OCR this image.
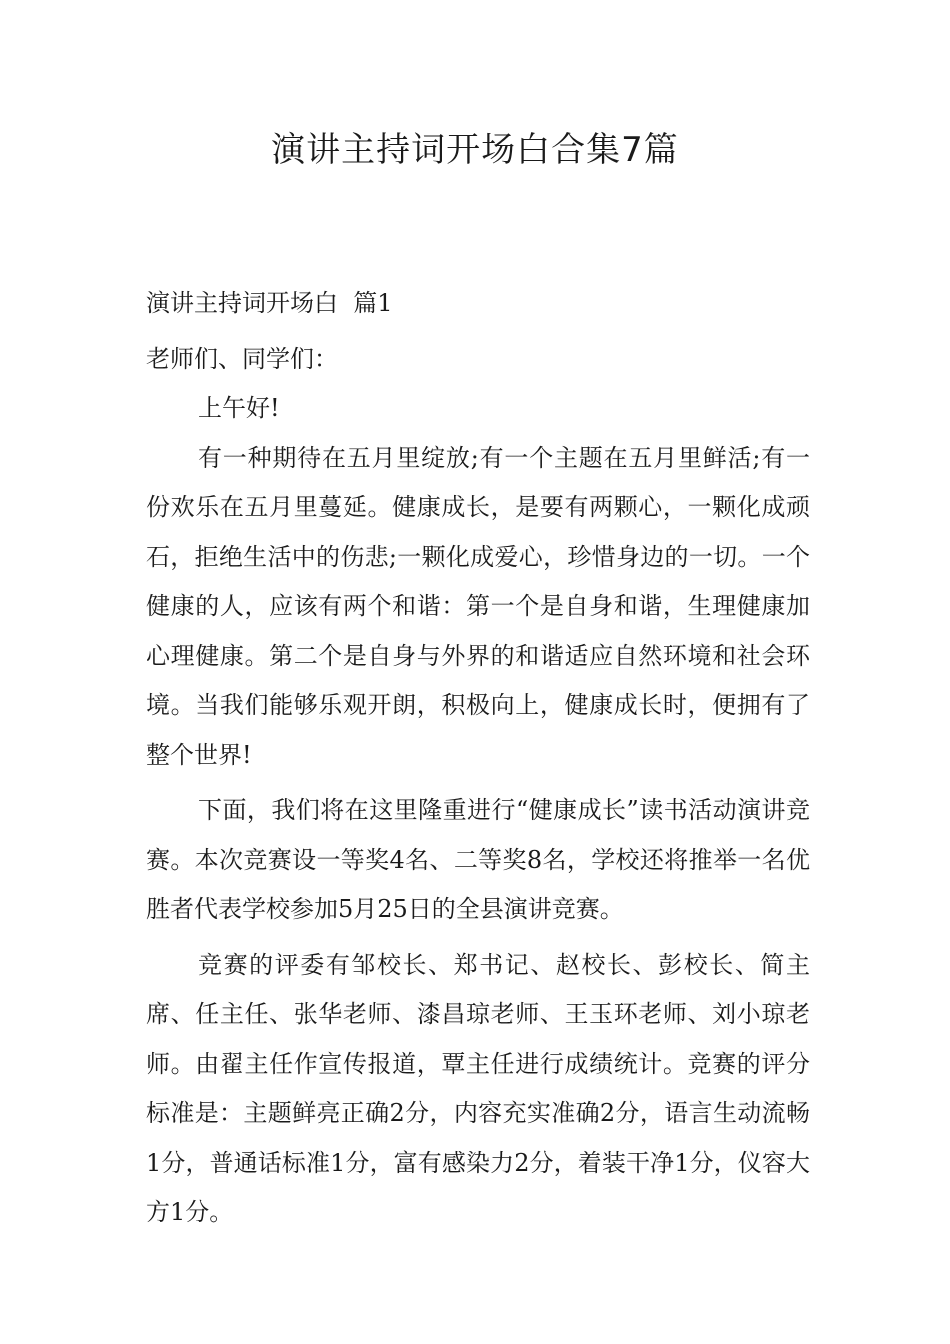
演讲主持词开场白合集7篇

演讲主持词开场白  篇1

老师们、同学们：

上午好!

有一种期待在五月里绽放;有一个主题在五月里鲜活;有一份欢乐在五月里蔓延。健康成长，是要有两颗心，一颗化成顽石，拒绝生活中的伤悲;一颗化成爱心，珍惜身边的一切。一个健康的人，应该有两个和谐：第一个是自身和谐，生理健康加心理健康。第二个是自身与外界的和谐适应自然环境和社会环境。当我们能够乐观开朗，积极向上，健康成长时，便拥有了整个世界!

下面，我们将在这里隆重进行“健康成长”读书活动演讲竞赛。本次竞赛设一等奖4名、二等奖8名，学校还将推举一名优胜者代表学校参加5月25日的全县演讲竞赛。

竞赛的评委有邹校长、郑书记、赵校长、彭校长、简主席、任主任、张华老师、漆昌琼老师、王玉环老师、刘小琼老师。由翟主任作宣传报道，覃主任进行成绩统计。竞赛的评分标准是：主题鲜亮正确2分，内容充实准确2分，语言生动流畅1分，普通话标准1分，富有感染力2分，着装干净1分，仪容大方1分。
